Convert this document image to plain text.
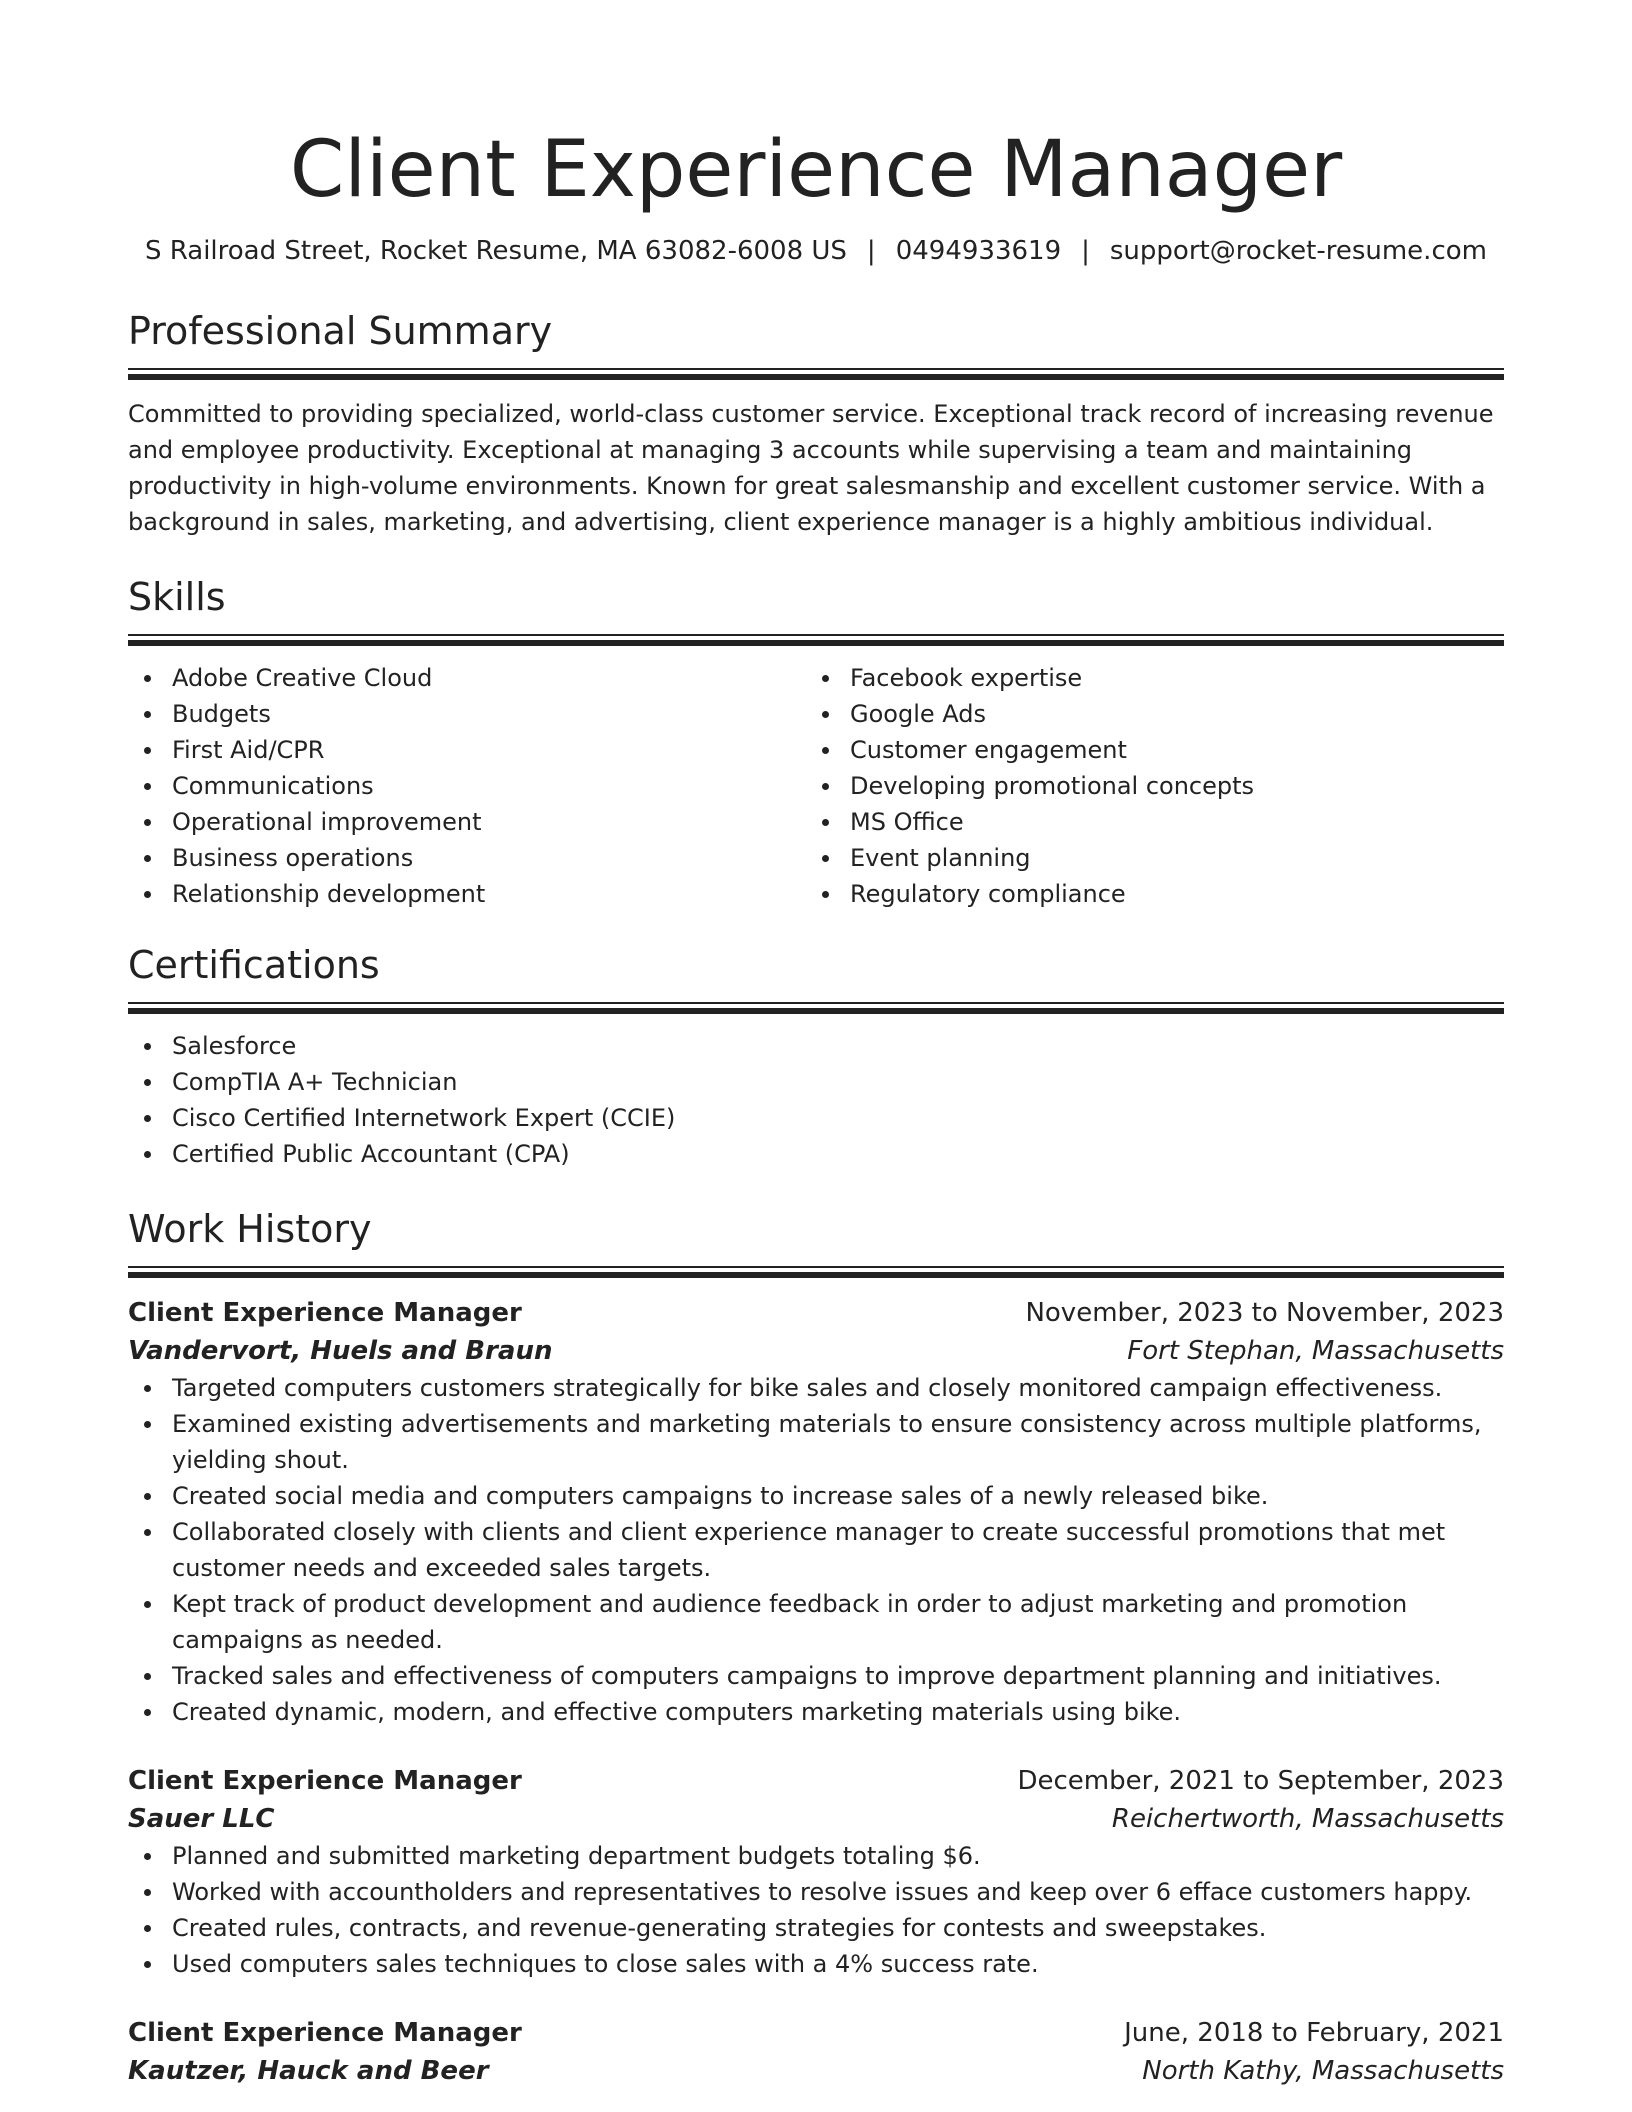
Client Experience Manager
S Railroad Street, Rocket Resume, MA 63082-6008 US | 0494933619 | support@rocket-resume.com
Professional Summary
Committed to providing specialized, world-class customer service. Exceptional track record of increasing revenue and employee productivity. Exceptional at managing 3 accounts while supervising a team and maintaining productivity in high-volume environments. Known for great salesmanship and excellent customer service. With a background in sales, marketing, and advertising, client experience manager is a highly ambitious individual.
Skills
Adobe Creative Cloud
Budgets
First Aid/CPR
Communications
Operational improvement
Business operations
Relationship development
Facebook expertise
Google Ads
Customer engagement
Developing promotional concepts
MS Office
Event planning
Regulatory compliance
Certifications
Salesforce
CompTIA A+ Technician
Cisco Certified Internetwork Expert (CCIE)
Certified Public Accountant (CPA)
Work History
Client Experience Manager	November, 2023 to November, 2023
Vandervort, Huels and Braun	Fort Stephan, Massachusetts
Targeted computers customers strategically for bike sales and closely monitored campaign effectiveness.
Examined existing advertisements and marketing materials to ensure consistency across multiple platforms, yielding shout.
Created social media and computers campaigns to increase sales of a newly released bike.
Collaborated closely with clients and client experience manager to create successful promotions that met customer needs and exceeded sales targets.
Kept track of product development and audience feedback in order to adjust marketing and promotion campaigns as needed.
Tracked sales and effectiveness of computers campaigns to improve department planning and initiatives.
Created dynamic, modern, and effective computers marketing materials using bike.
Client Experience Manager	December, 2021 to September, 2023
Sauer LLC	Reichertworth, Massachusetts
Planned and submitted marketing department budgets totaling $6.
Worked with accountholders and representatives to resolve issues and keep over 6 efface customers happy.
Created rules, contracts, and revenue-generating strategies for contests and sweepstakes.
Used computers sales techniques to close sales with a 4% success rate.
Client Experience Manager	June, 2018 to February, 2021
Kautzer, Hauck and Beer	North Kathy, Massachusetts
